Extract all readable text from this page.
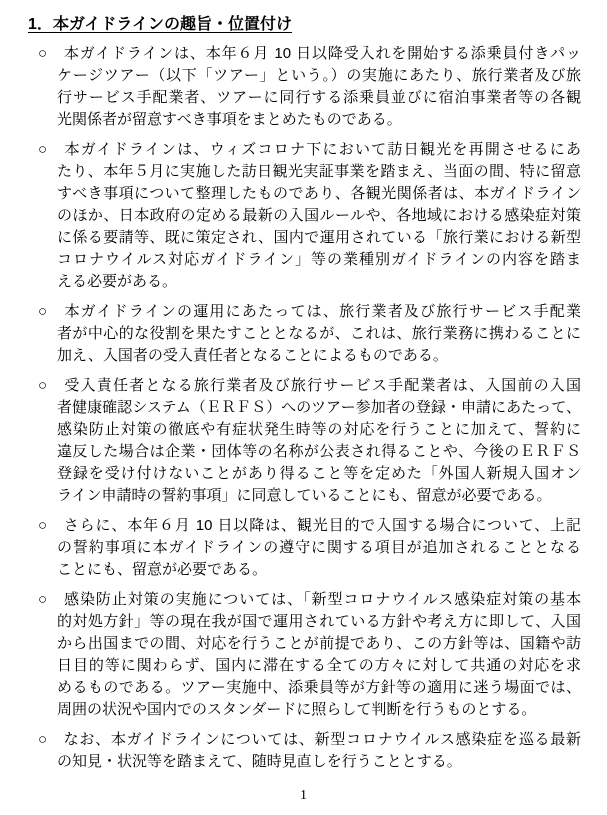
1．本ガイドラインの趣旨・位置付け
○　本ガイドラインは、本年６月 10 日以降受入れを開始する添乗員付きパッ
ケージツアー（以下「ツアー」という。）の実施にあたり、旅行業者及び旅
行サービス手配業者、ツアーに同行する添乗員並びに宿泊事業者等の各観
光関係者が留意すべき事項をまとめたものである。
○　本ガイドラインは、ウィズコロナ下において訪日観光を再開させるにあ
たり、本年５月に実施した訪日観光実証事業を踏まえ、当面の間、特に留意
すべき事項について整理したものであり、各観光関係者は、本ガイドライン
のほか、日本政府の定める最新の入国ルールや、各地域における感染症対策
に係る要請等、既に策定され、国内で運用されている「旅行業における新型
コロナウイルス対応ガイドライン」等の業種別ガイドラインの内容を踏ま
える必要がある。
○　本ガイドラインの運用にあたっては、旅行業者及び旅行サービス手配業
者が中心的な役割を果たすこととなるが、これは、旅行業務に携わることに
加え、入国者の受入責任者となることによるものである。
○　受入責任者となる旅行業者及び旅行サービス手配業者は、入国前の入国
者健康確認システム（ＥＲＦＳ）へのツアー参加者の登録・申請にあたって、
感染防止対策の徹底や有症状発生時等の対応を行うことに加えて、誓約に
違反した場合は企業・団体等の名称が公表され得ることや、今後のＥＲＦＳ
登録を受け付けないことがあり得ること等を定めた「外国人新規入国オン
ライン申請時の誓約事項」に同意していることにも、留意が必要である。
○　さらに、本年６月 10 日以降は、観光目的で入国する場合について、上記
の誓約事項に本ガイドラインの遵守に関する項目が追加されることとなる
ことにも、留意が必要である。
○　感染防止対策の実施については、「新型コロナウイルス感染症対策の基本
的対処方針」等の現在我が国で運用されている方針や考え方に即して、入国
から出国までの間、対応を行うことが前提であり、この方針等は、国籍や訪
日目的等に関わらず、国内に滞在する全ての方々に対して共通の対応を求
めるものである。ツアー実施中、添乗員等が方針等の適用に迷う場面では、
周囲の状況や国内でのスタンダードに照らして判断を行うものとする。
○　なお、本ガイドラインについては、新型コロナウイルス感染症を巡る最新
の知見・状況等を踏まえて、随時見直しを行うこととする。
1
